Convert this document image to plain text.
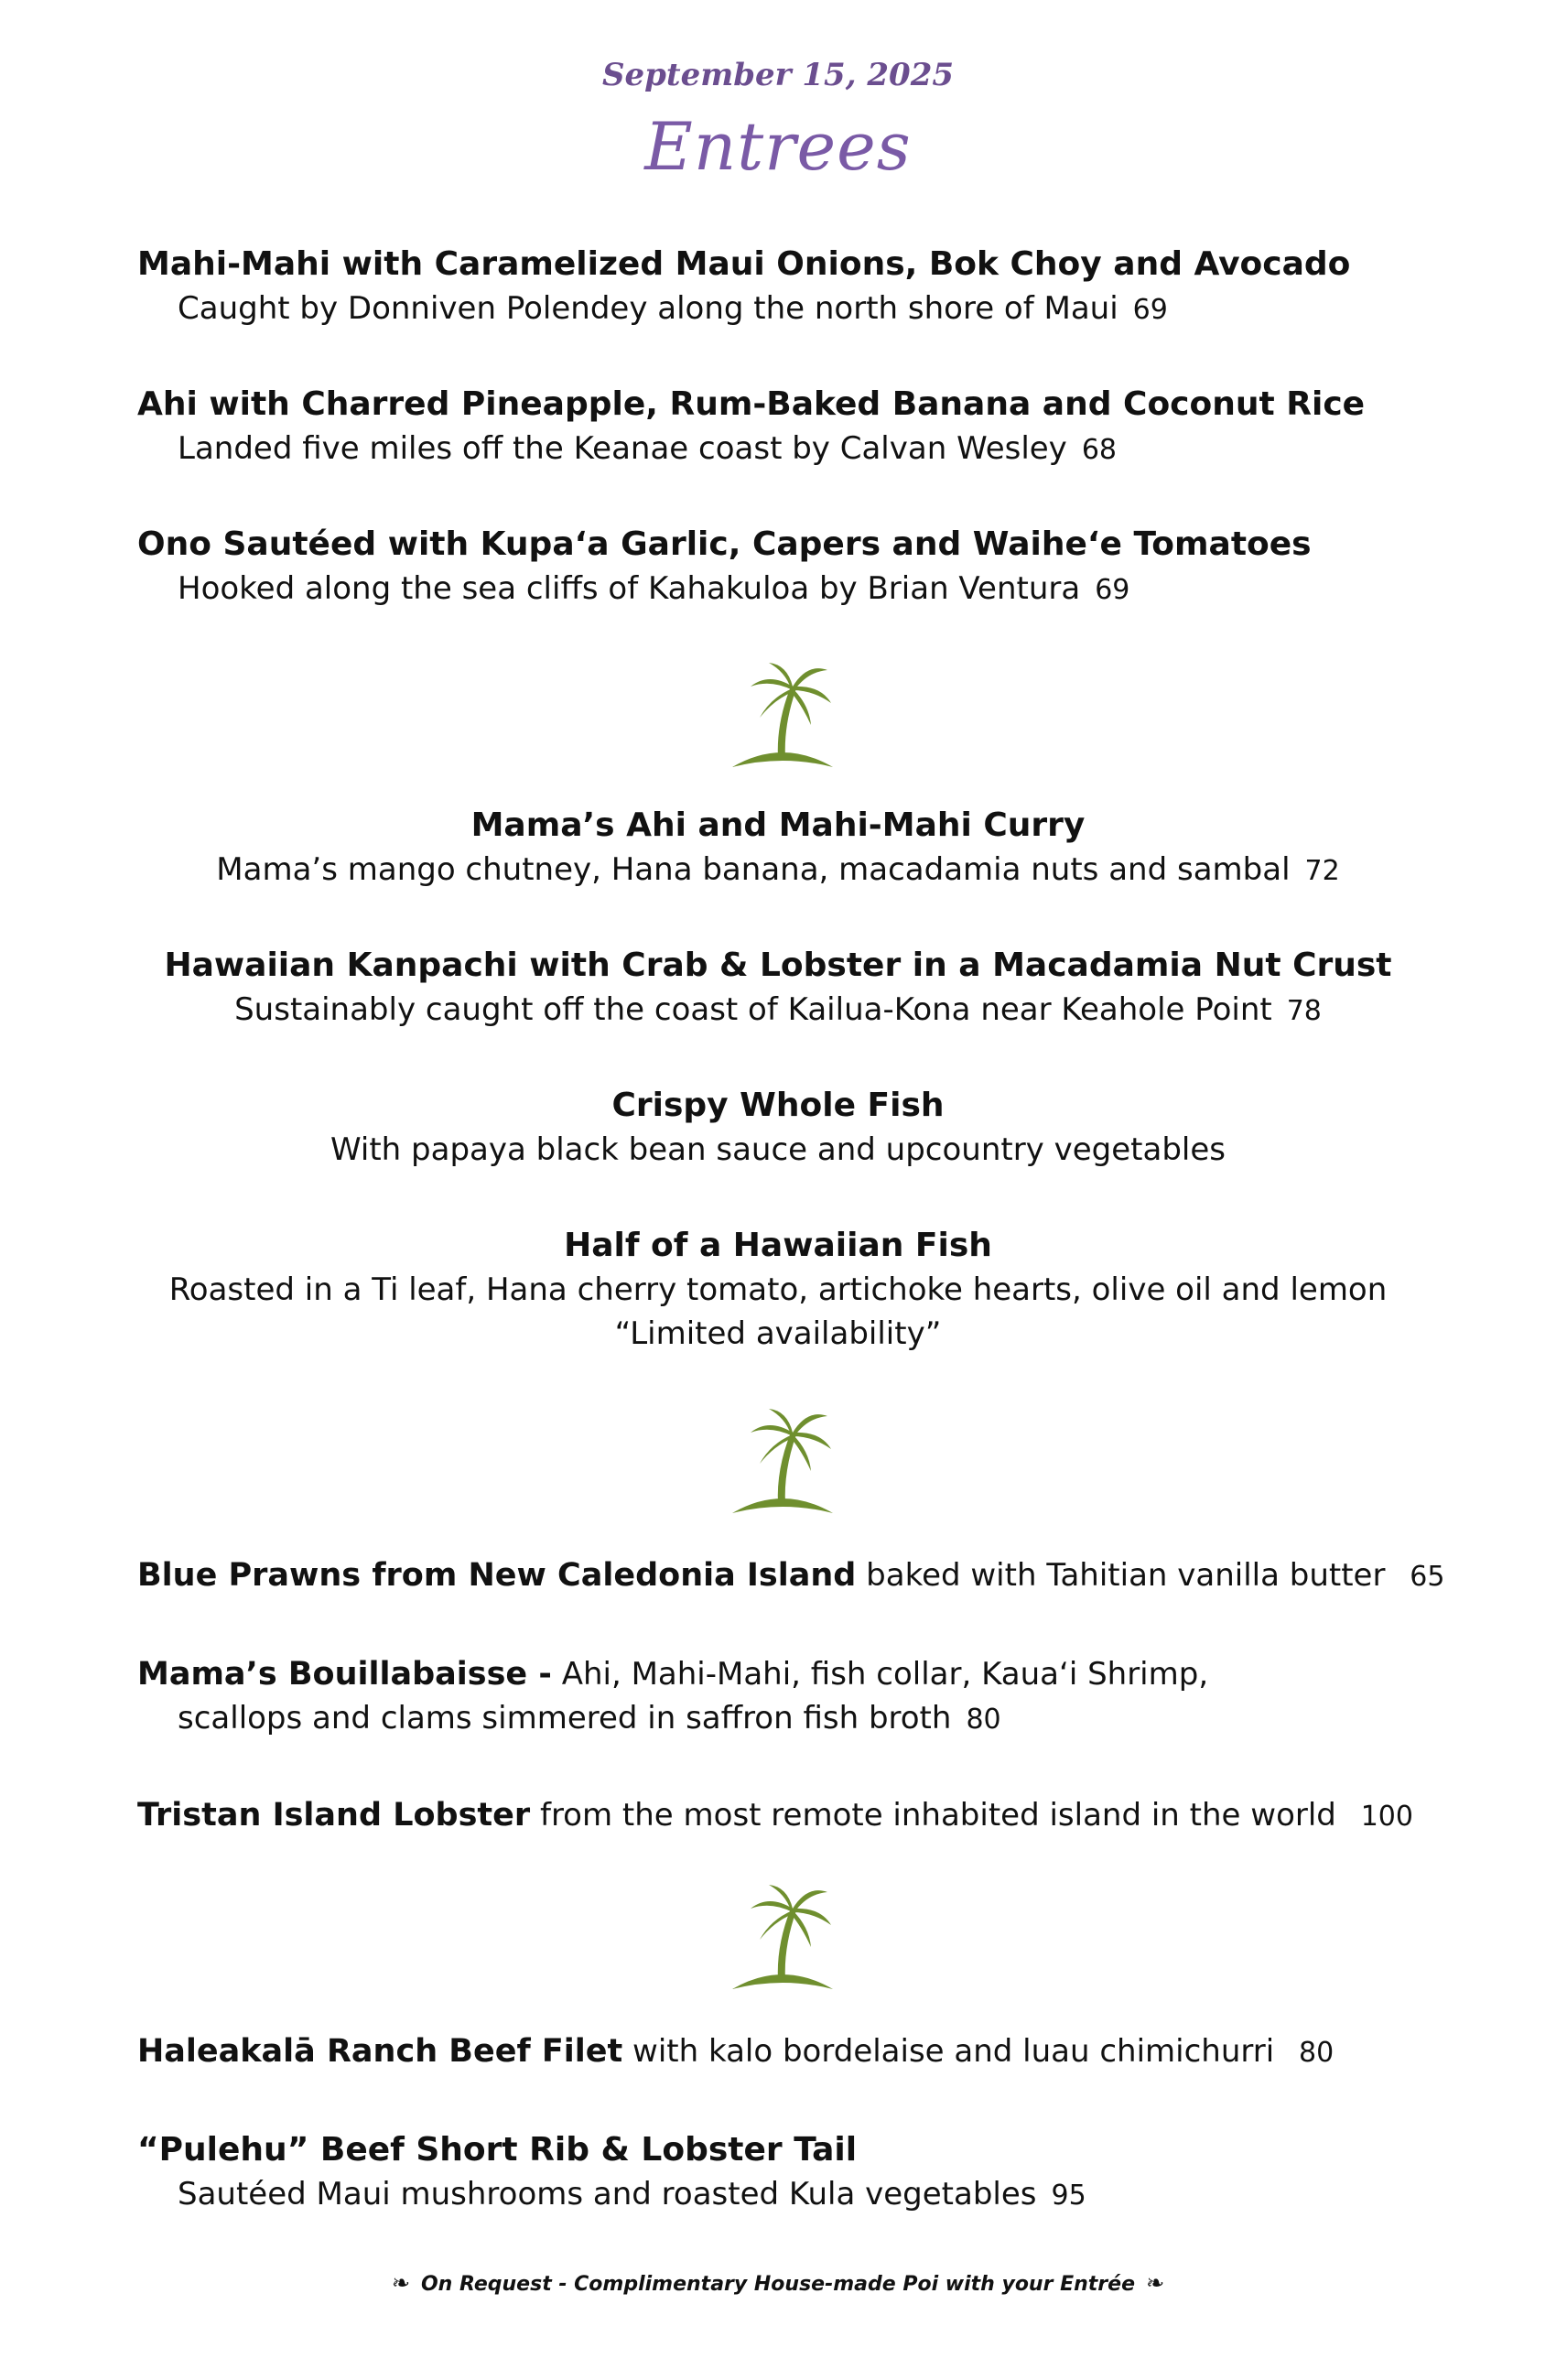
September 15, 2025
Entrees
Mahi-Mahi with Caramelized Maui Onions, Bok Choy and Avocado
Caught by Donniven Polendey along the north shore of Maui 69
Ahi with Charred Pineapple, Rum-Baked Banana and Coconut Rice
Landed five miles off the Keanae coast by Calvan Wesley 68
Ono Sautéed with Kupa‘a Garlic, Capers and Waihe‘e Tomatoes
Hooked along the sea cliffs of Kahakuloa by Brian Ventura 69
Mama’s Ahi and Mahi-Mahi Curry
Mama’s mango chutney, Hana banana, macadamia nuts and sambal 72
Hawaiian Kanpachi with Crab & Lobster in a Macadamia Nut Crust
Sustainably caught off the coast of Kailua-Kona near Keahole Point 78
Crispy Whole Fish
With papaya black bean sauce and upcountry vegetables
Half of a Hawaiian Fish
Roasted in a Ti leaf, Hana cherry tomato, artichoke hearts, olive oil and lemon
“Limited availability”
Blue Prawns from New Caledonia Island baked with Tahitian vanilla butter 65
Mama’s Bouillabaisse - Ahi, Mahi-Mahi, fish collar, Kaua‘i Shrimp,
scallops and clams simmered in saffron fish broth 80
Tristan Island Lobster from the most remote inhabited island in the world 100
Haleakalā Ranch Beef Filet with kalo bordelaise and luau chimichurri 80
“Pulehu” Beef Short Rib & Lobster Tail
Sautéed Maui mushrooms and roasted Kula vegetables 95
❧ On Request - Complimentary House-made Poi with your Entrée ❧
